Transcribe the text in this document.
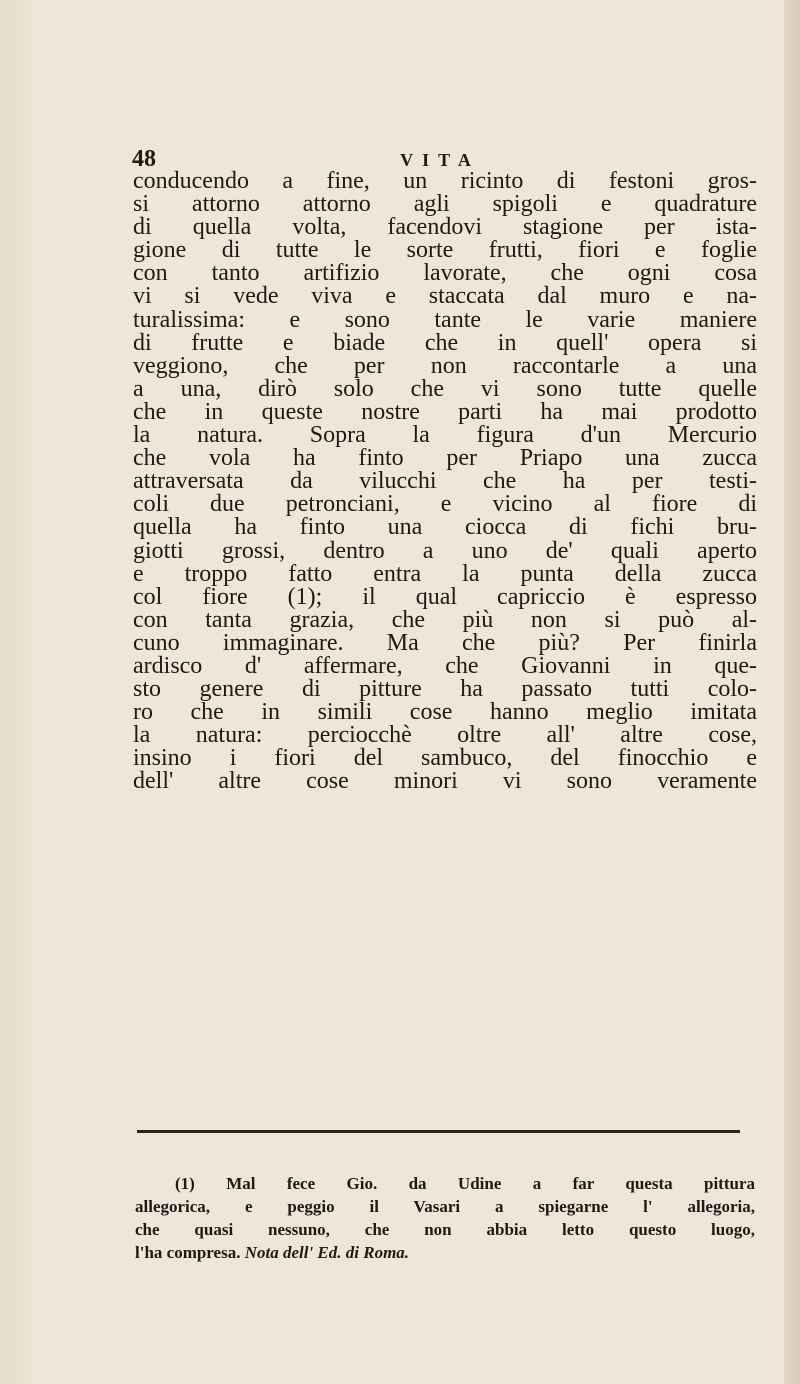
48	VITA
conducendo a fine, un ricinto di festoni gros-
si attorno attorno agli spigoli e quadrature
di quella volta, facendovi stagione per ista-
gione di tutte le sorte frutti, fiori e foglie
con tanto artifizio lavorate, che ogni cosa
vi si vede viva e staccata dal muro e na-
turalissima: e sono tante le varie maniere
di frutte e biade che in quell' opera si
veggiono, che per non raccontarle a una
a una, dirò solo che vi sono tutte quelle
che in queste nostre parti ha mai prodotto
la natura. Sopra la figura d'un Mercurio
che vola ha finto per Priapo una zucca
attraversata da vilucchi che ha per testi-
coli due petronciani, e vicino al fiore di
quella ha finto una ciocca di fichi bru-
giotti grossi, dentro a uno de' quali aperto
e troppo fatto entra la punta della zucca
col fiore (1); il qual capriccio è espresso
con tanta grazia, che più non si può al-
cuno immaginare. Ma che più? Per finirla
ardisco d' affermare, che Giovanni in que-
sto genere di pitture ha passato tutti colo-
ro che in simili cose hanno meglio imitata
la natura: perciocchè oltre all' altre cose,
insino i fiori del sambuco, del finocchio e
dell' altre cose minori vi sono veramente
(1) Mal fece Gio. da Udine a far questa pittura
allegorica, e peggio il Vasari a spiegarne l' allegoria,
che quasi nessuno, che non abbia letto questo luogo,
l'ha compresa. Nota dell' Ed. di Roma.
